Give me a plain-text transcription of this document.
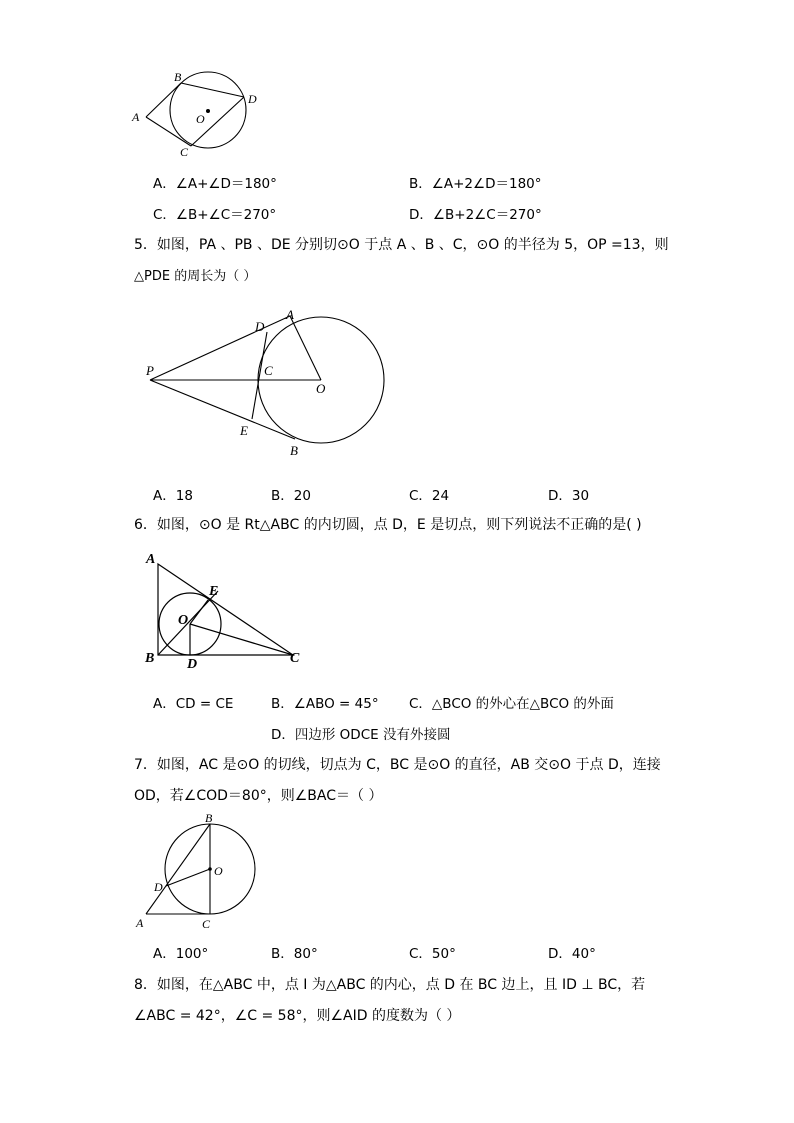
A
B
C
D
O
A．∠A+∠D＝180°	B．∠A+2∠D＝180°
C．∠B+∠C＝270°	D．∠B+2∠C＝270°
5．如图，PA 、PB 、DE 分别切⊙O 于点 A 、B 、C，⊙O 的半径为 5，OP =13，则
△PDE 的周长为（ ）
P
A
D
C
O
E
B
A．18	B．20	C．24	D．30
6．如图，⊙O 是 Rt△ABC 的内切圆，点 D，E 是切点，则下列说法不正确的是( )
A
E
O
B D	C
A．CD = CE	B．∠ABO = 45° C．△BCO 的外心在△BCO 的外面
D．四边形 ODCE 没有外接圆
7．如图，AC 是⊙O 的切线，切点为 C，BC 是⊙O 的直径，AB 交⊙O 于点 D，连接
OD，若∠COD＝80°，则∠BAC＝（ ）
B
O
D
A	C
A．100°	B．80°	C．50°	D．40°
8．如图，在△ABC 中，点 I 为△ABC 的内心，点 D 在 BC 边上，且 ID ⊥ BC，若
∠ABC = 42°，∠C = 58°，则∠AID 的度数为（ ）
